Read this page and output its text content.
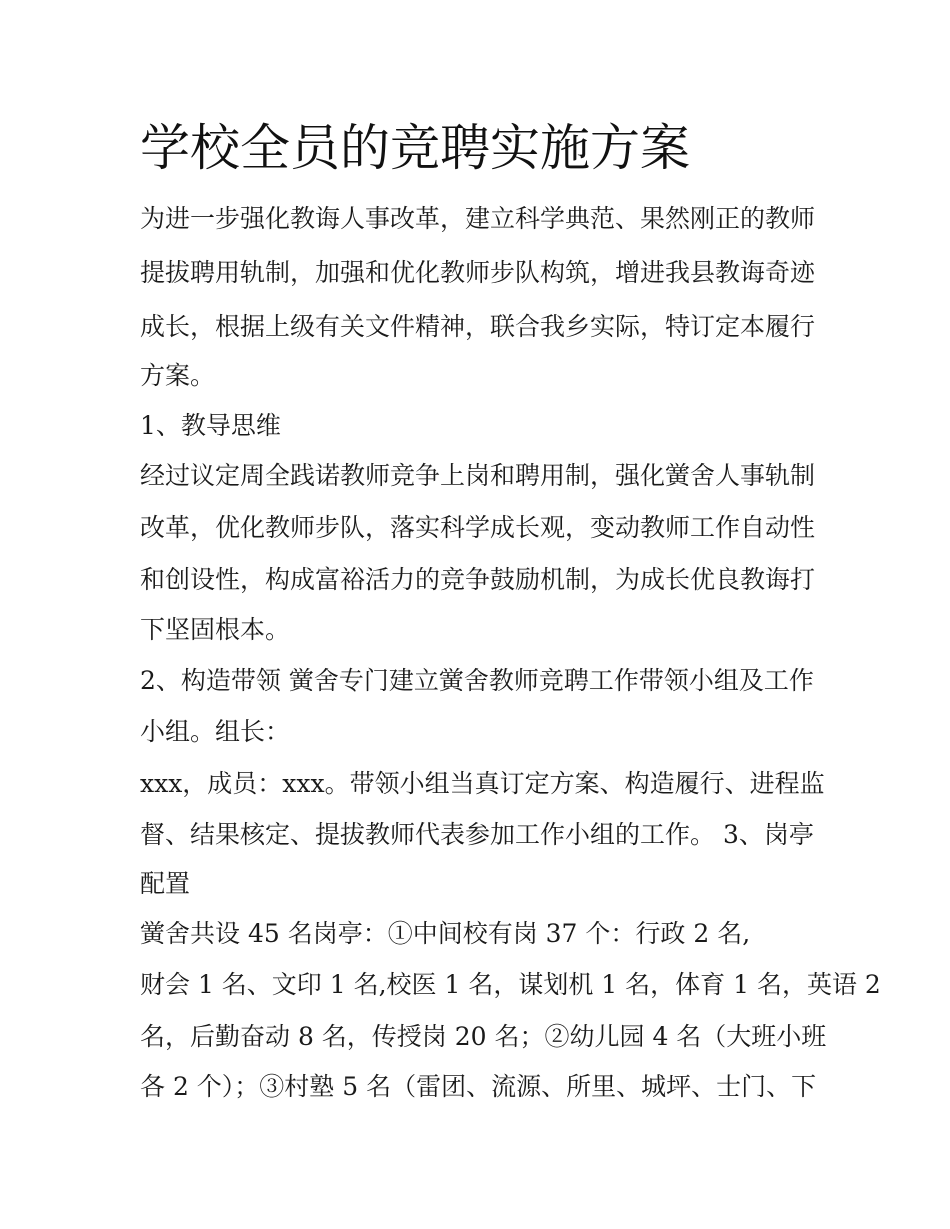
学校全员的竞聘实施方案

为进一步强化教诲人事改革，建立科学典范、果然刚正的教师

提拔聘用轨制，加强和优化教师步队构筑，增进我县教诲奇迹

成长，根据上级有关文件精神，联合我乡实际，特订定本履行

方案。

1、教导思维

经过议定周全践诺教师竞争上岗和聘用制，强化黉舍人事轨制

改革，优化教师步队，落实科学成长观，变动教师工作自动性

和创设性，构成富裕活力的竞争鼓励机制，为成长优良教诲打

下坚固根本。

2、构造带领 黉舍专门建立黉舍教师竞聘工作带领小组及工作

小组。组长：

xxx，成员：xxx。带领小组当真订定方案、构造履行、进程监

督、结果核定、提拔教师代表参加工作小组的工作。 3、岗亭

配置

黉舍共设 45 名岗亭：①中间校有岗 37 个：行政 2 名,

财会 1 名、文印 1 名,校医 1 名，谋划机 1 名，体育 1 名，英语 2

名，后勤奋动 8 名，传授岗 20 名；②幼儿园 4 名（大班小班

各 2 个）；③村塾 5 名（雷团、流源、所里、城坪、士门、下
